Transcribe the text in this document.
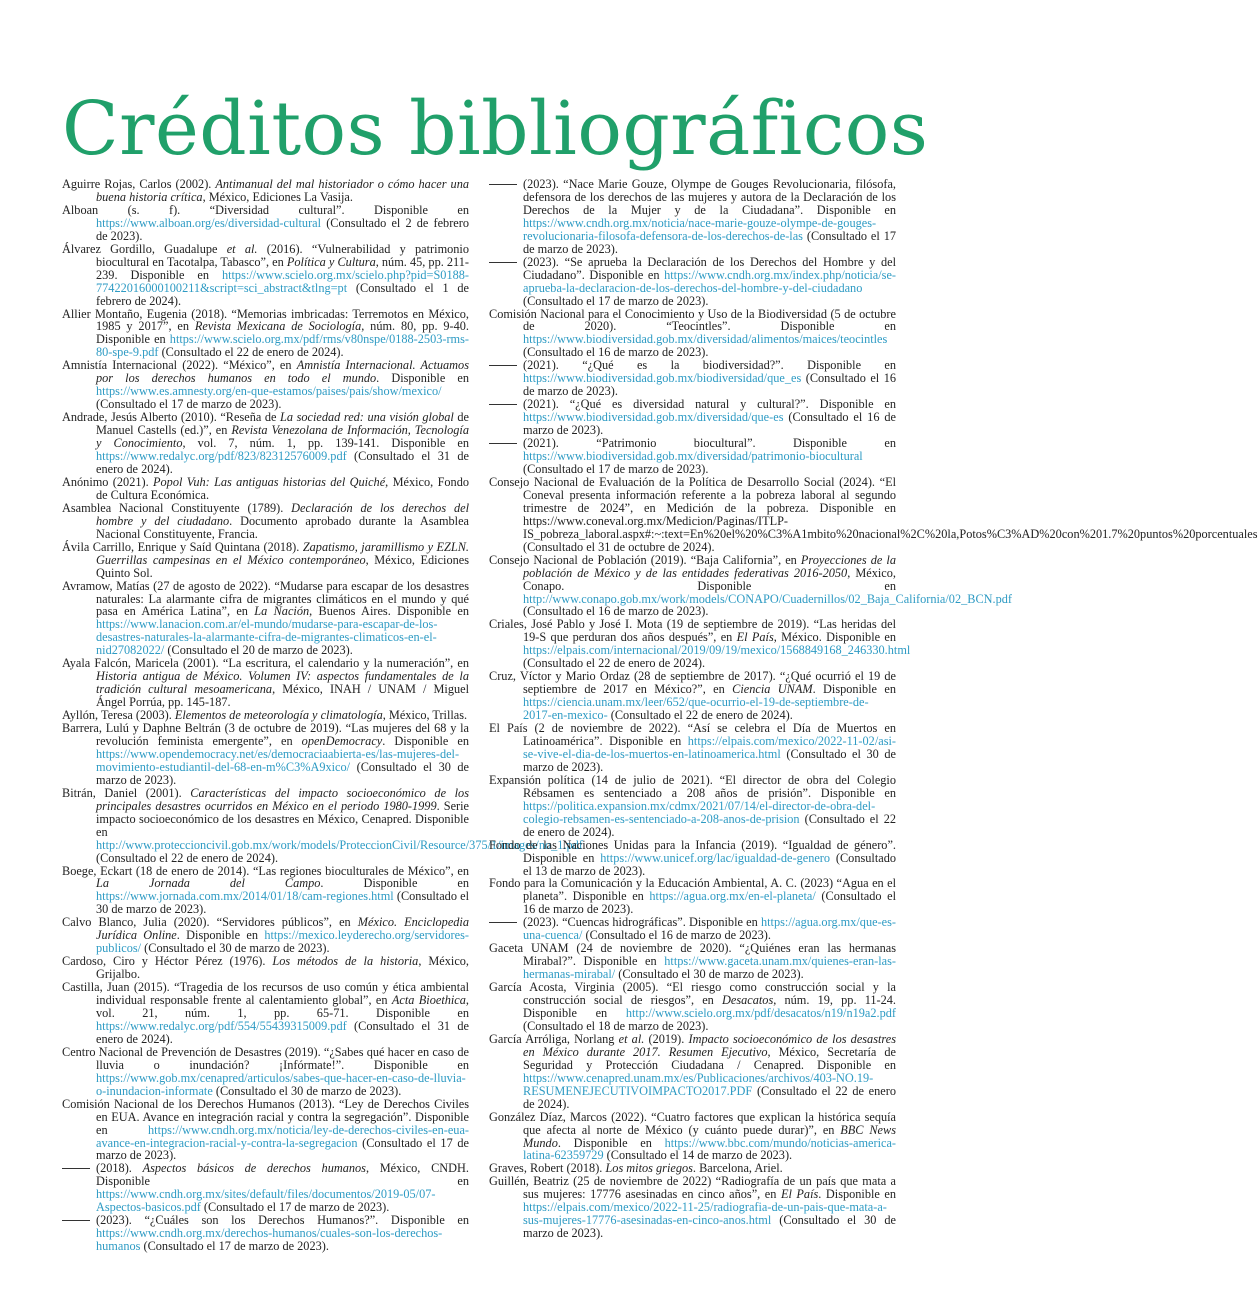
Créditos bibliográficos

Aguirre Rojas, Carlos (2002). Antimanual del mal historiador o cómo hacer una buena historia crítica, México, Ediciones La Vasija.

Alboan (s. f). “Diversidad cultural”. Disponible en https://www.alboan.org/es/diversidad-cultural (Consultado el 2 de febrero de 2023).

Álvarez Gordillo, Guadalupe et al. (2016). “Vulnerabilidad y patrimonio biocultural en Tacotalpa, Tabasco”, en Política y Cultura, núm. 45, pp. 211-239. Disponible en https://www.scielo.org.mx/scielo.php?pid=S0188-77422016000100211&script=sci_abstract&tlng=pt (Consultado el 1 de febrero de 2024).

Allier Montaño, Eugenia (2018). “Memorias imbricadas: Terremotos en México, 1985 y 2017”, en Revista Mexicana de Sociología, núm. 80, pp. 9-40. Disponible en https://www.scielo.org.mx/pdf/rms/v80nspe/0188-2503-rms-80-spe-9.pdf (Consultado el 22 de enero de 2024).

Amnistía Internacional (2022). “México”, en Amnistía Internacional. Actuamos por los derechos humanos en todo el mundo. Disponible en https://www.es.amnesty.org/en-que-estamos/paises/pais/show/mexico/ (Consultado el 17 de marzo de 2023).

Andrade, Jesús Alberto (2010). “Reseña de La sociedad red: una visión global de Manuel Castells (ed.)”, en Revista Venezolana de Información, Tecnología y Conocimiento, vol. 7, núm. 1, pp. 139-141. Disponible en https://www.redalyc.org/pdf/823/82312576009.pdf (Consultado el 31 de enero de 2024).

Anónimo (2021). Popol Vuh: Las antiguas historias del Quiché, México, Fondo de Cultura Económica.

Asamblea Nacional Constituyente (1789). Declaración de los derechos del hombre y del ciudadano. Documento aprobado durante la Asamblea Nacional Constituyente, Francia.

Ávila Carrillo, Enrique y Saíd Quintana (2018). Zapatismo, jaramillismo y EZLN. Guerrillas campesinas en el México contemporáneo, México, Ediciones Quinto Sol.

Avramow, Matías (27 de agosto de 2022). “Mudarse para escapar de los desastres naturales: La alarmante cifra de migrantes climáticos en el mundo y qué pasa en América Latina”, en La Nación, Buenos Aires. Disponible en https://www.lanacion.com.ar/el-mundo/mudarse-para-escapar-de-los-desastres-naturales-la-alarmante-cifra-de-migrantes-climaticos-en-el-nid27082022/ (Consultado el 20 de marzo de 2023).

Ayala Falcón, Maricela (2001). “La escritura, el calendario y la numeración”, en Historia antigua de México. Volumen IV: aspectos fundamentales de la tradición cultural mesoamericana, México, INAH / UNAM / Miguel Ángel Porrúa, pp. 145-187.

Ayllón, Teresa (2003). Elementos de meteorología y climatología, México, Trillas.

Barrera, Lulú y Daphne Beltrán (3 de octubre de 2019). “Las mujeres del 68 y la revolución feminista emergente”, en openDemocracy. Disponible en https://www.opendemocracy.net/es/democraciaabierta-es/las-mujeres-del-movimiento-estudiantil-del-68-en-m%C3%A9xico/ (Consultado el 30 de marzo de 2023).

Bitrán, Daniel (2001). Características del impacto socioeconómico de los principales desastres ocurridos en México en el periodo 1980-1999. Serie impacto socioeconómico de los desastres en México, Cenapred. Disponible en http://www.proteccioncivil.gob.mx/work/models/ProteccionCivil/Resource/375/1/images/no_1.pdf (Consultado el 22 de enero de 2024).

Boege, Eckart (18 de enero de 2014). “Las regiones bioculturales de México”, en La Jornada del Campo. Disponible en https://www.jornada.com.mx/2014/01/18/cam-regiones.html (Consultado el 30 de marzo de 2023).

Calvo Blanco, Julia (2020). “Servidores públicos”, en México. Enciclopedia Jurídica Online. Disponible en https://mexico.leyderecho.org/servidores-publicos/ (Consultado el 30 de marzo de 2023).

Cardoso, Ciro y Héctor Pérez (1976). Los métodos de la historia, México, Grijalbo.

Castilla, Juan (2015). “Tragedia de los recursos de uso común y ética ambiental individual responsable frente al calentamiento global”, en Acta Bioethica, vol. 21, núm. 1, pp. 65-71. Disponible en https://www.redalyc.org/pdf/554/55439315009.pdf (Consultado el 31 de enero de 2024).

Centro Nacional de Prevención de Desastres (2019). “¿Sabes qué hacer en caso de lluvia o inundación? ¡Infórmate!”. Disponible en https://www.gob.mx/cenapred/articulos/sabes-que-hacer-en-caso-de-lluvia-o-inundacion-informate (Consultado el 30 de marzo de 2023).

Comisión Nacional de los Derechos Humanos (2013). “Ley de Derechos Civiles en EUA. Avance en integración racial y contra la segregación”. Disponible en https://www.cndh.org.mx/noticia/ley-de-derechos-civiles-en-eua-avance-en-integracion-racial-y-contra-la-segregacion (Consultado el 17 de marzo de 2023).

(2018). Aspectos básicos de derechos humanos, México, CNDH. Disponible en https://www.cndh.org.mx/sites/default/files/documentos/2019-05/07-Aspectos-basicos.pdf (Consultado el 17 de marzo de 2023).

(2023). “¿Cuáles son los Derechos Humanos?”. Disponible en https://www.cndh.org.mx/derechos-humanos/cuales-son-los-derechos-humanos (Consultado el 17 de marzo de 2023).

(2023). “Nace Marie Gouze, Olympe de Gouges Revolucionaria, filósofa, defensora de los derechos de las mujeres y autora de la Declaración de los Derechos de la Mujer y de la Ciudadana”. Disponible en https://www.cndh.org.mx/noticia/nace-marie-gouze-olympe-de-gouges-revolucionaria-filosofa-defensora-de-los-derechos-de-las (Consultado el 17 de marzo de 2023).

(2023). “Se aprueba la Declaración de los Derechos del Hombre y del Ciudadano”. Disponible en https://www.cndh.org.mx/index.php/noticia/se-aprueba-la-declaracion-de-los-derechos-del-hombre-y-del-ciudadano (Consultado el 17 de marzo de 2023).

Comisión Nacional para el Conocimiento y Uso de la Biodiversidad (5 de octubre de 2020). “Teocintles”. Disponible en https://www.biodiversidad.gob.mx/diversidad/alimentos/maices/teocintles (Consultado el 16 de marzo de 2023).

(2021). “¿Qué es la biodiversidad?”. Disponible en https://www.biodiversidad.gob.mx/biodiversidad/que_es (Consultado el 16 de marzo de 2023).

(2021). “¿Qué es diversidad natural y cultural?”. Disponible en https://www.biodiversidad.gob.mx/diversidad/que-es (Consultado el 16 de marzo de 2023).

(2021). “Patrimonio biocultural”. Disponible en https://www.biodiversidad.gob.mx/diversidad/patrimonio-biocultural (Consultado el 17 de marzo de 2023).

Consejo Nacional de Evaluación de la Política de Desarrollo Social (2024). “El Coneval presenta información referente a la pobreza laboral al segundo trimestre de 2024”, en Medición de la pobreza. Disponible en https://www.coneval.org.mx/Medicion/Paginas/ITLP-IS_pobreza_laboral.aspx#:~:text=En%20el%20%C3%A1mbito%20nacional%2C%20la,Potos%C3%AD%20con%201.7%20puntos%20porcentuales (Consultado el 31 de octubre de 2024).

Consejo Nacional de Población (2019). “Baja California”, en Proyecciones de la población de México y de las entidades federativas 2016-2050, México, Conapo. Disponible en http://www.conapo.gob.mx/work/models/CONAPO/Cuadernillos/02_Baja_California/02_BCN.pdf (Consultado el 16 de marzo de 2023).

Criales, José Pablo y José I. Mota (19 de septiembre de 2019). “Las heridas del 19-S que perduran dos años después”, en El País, México. Disponible en https://elpais.com/internacional/2019/09/19/mexico/1568849168_246330.html (Consultado el 22 de enero de 2024).

Cruz, Víctor y Mario Ordaz (28 de septiembre de 2017). “¿Qué ocurrió el 19 de septiembre de 2017 en México?”, en Ciencia UNAM. Disponible en https://ciencia.unam.mx/leer/652/que-ocurrio-el-19-de-septiembre-de-2017-en-mexico- (Consultado el 22 de enero de 2024).

El País (2 de noviembre de 2022). “Así se celebra el Día de Muertos en Latinoamérica”. Disponible en https://elpais.com/mexico/2022-11-02/asi-se-vive-el-dia-de-los-muertos-en-latinoamerica.html (Consultado el 30 de marzo de 2023).

Expansión política (14 de julio de 2021). “El director de obra del Colegio Rébsamen es sentenciado a 208 años de prisión”. Disponible en https://politica.expansion.mx/cdmx/2021/07/14/el-director-de-obra-del-colegio-rebsamen-es-sentenciado-a-208-anos-de-prision (Consultado el 22 de enero de 2024).

Fondo de las Naciones Unidas para la Infancia (2019). “Igualdad de género”. Disponible en https://www.unicef.org/lac/igualdad-de-genero (Consultado el 13 de marzo de 2023).

Fondo para la Comunicación y la Educación Ambiental, A. C. (2023) “Agua en el planeta”. Disponible en https://agua.org.mx/en-el-planeta/ (Consultado el 16 de marzo de 2023).

(2023). “Cuencas hidrográficas”. Disponible en https://agua.org.mx/que-es-una-cuenca/ (Consultado el 16 de marzo de 2023).

Gaceta UNAM (24 de noviembre de 2020). “¿Quiénes eran las hermanas Mirabal?”. Disponible en https://www.gaceta.unam.mx/quienes-eran-las-hermanas-mirabal/ (Consultado el 30 de marzo de 2023).

García Acosta, Virginia (2005). “El riesgo como construcción social y la construcción social de riesgos”, en Desacatos, núm. 19, pp. 11-24. Disponible en http://www.scielo.org.mx/pdf/desacatos/n19/n19a2.pdf (Consultado el 18 de marzo de 2023).

García Arróliga, Norlang et al. (2019). Impacto socioeconómico de los desastres en México durante 2017. Resumen Ejecutivo, México, Secretaría de Seguridad y Protección Ciudadana / Cenapred. Disponible en https://www.cenapred.unam.mx/es/Publicaciones/archivos/403-NO.19-RESUMENEJECUTIVOIMPACTO2017.PDF (Consultado el 22 de enero de 2024).

González Díaz, Marcos (2022). “Cuatro factores que explican la histórica sequía que afecta al norte de México (y cuánto puede durar)”, en BBC News Mundo. Disponible en https://www.bbc.com/mundo/noticias-america-latina-62359729 (Consultado el 14 de marzo de 2023).

Graves, Robert (2018). Los mitos griegos. Barcelona, Ariel.

Guillén, Beatriz (25 de noviembre de 2022) “Radiografía de un país que mata a sus mujeres: 17776 asesinadas en cinco años”, en El País. Disponible en https://elpais.com/mexico/2022-11-25/radiografia-de-un-pais-que-mata-a-sus-mujeres-17776-asesinadas-en-cinco-anos.html (Consultado el 30 de marzo de 2023).
